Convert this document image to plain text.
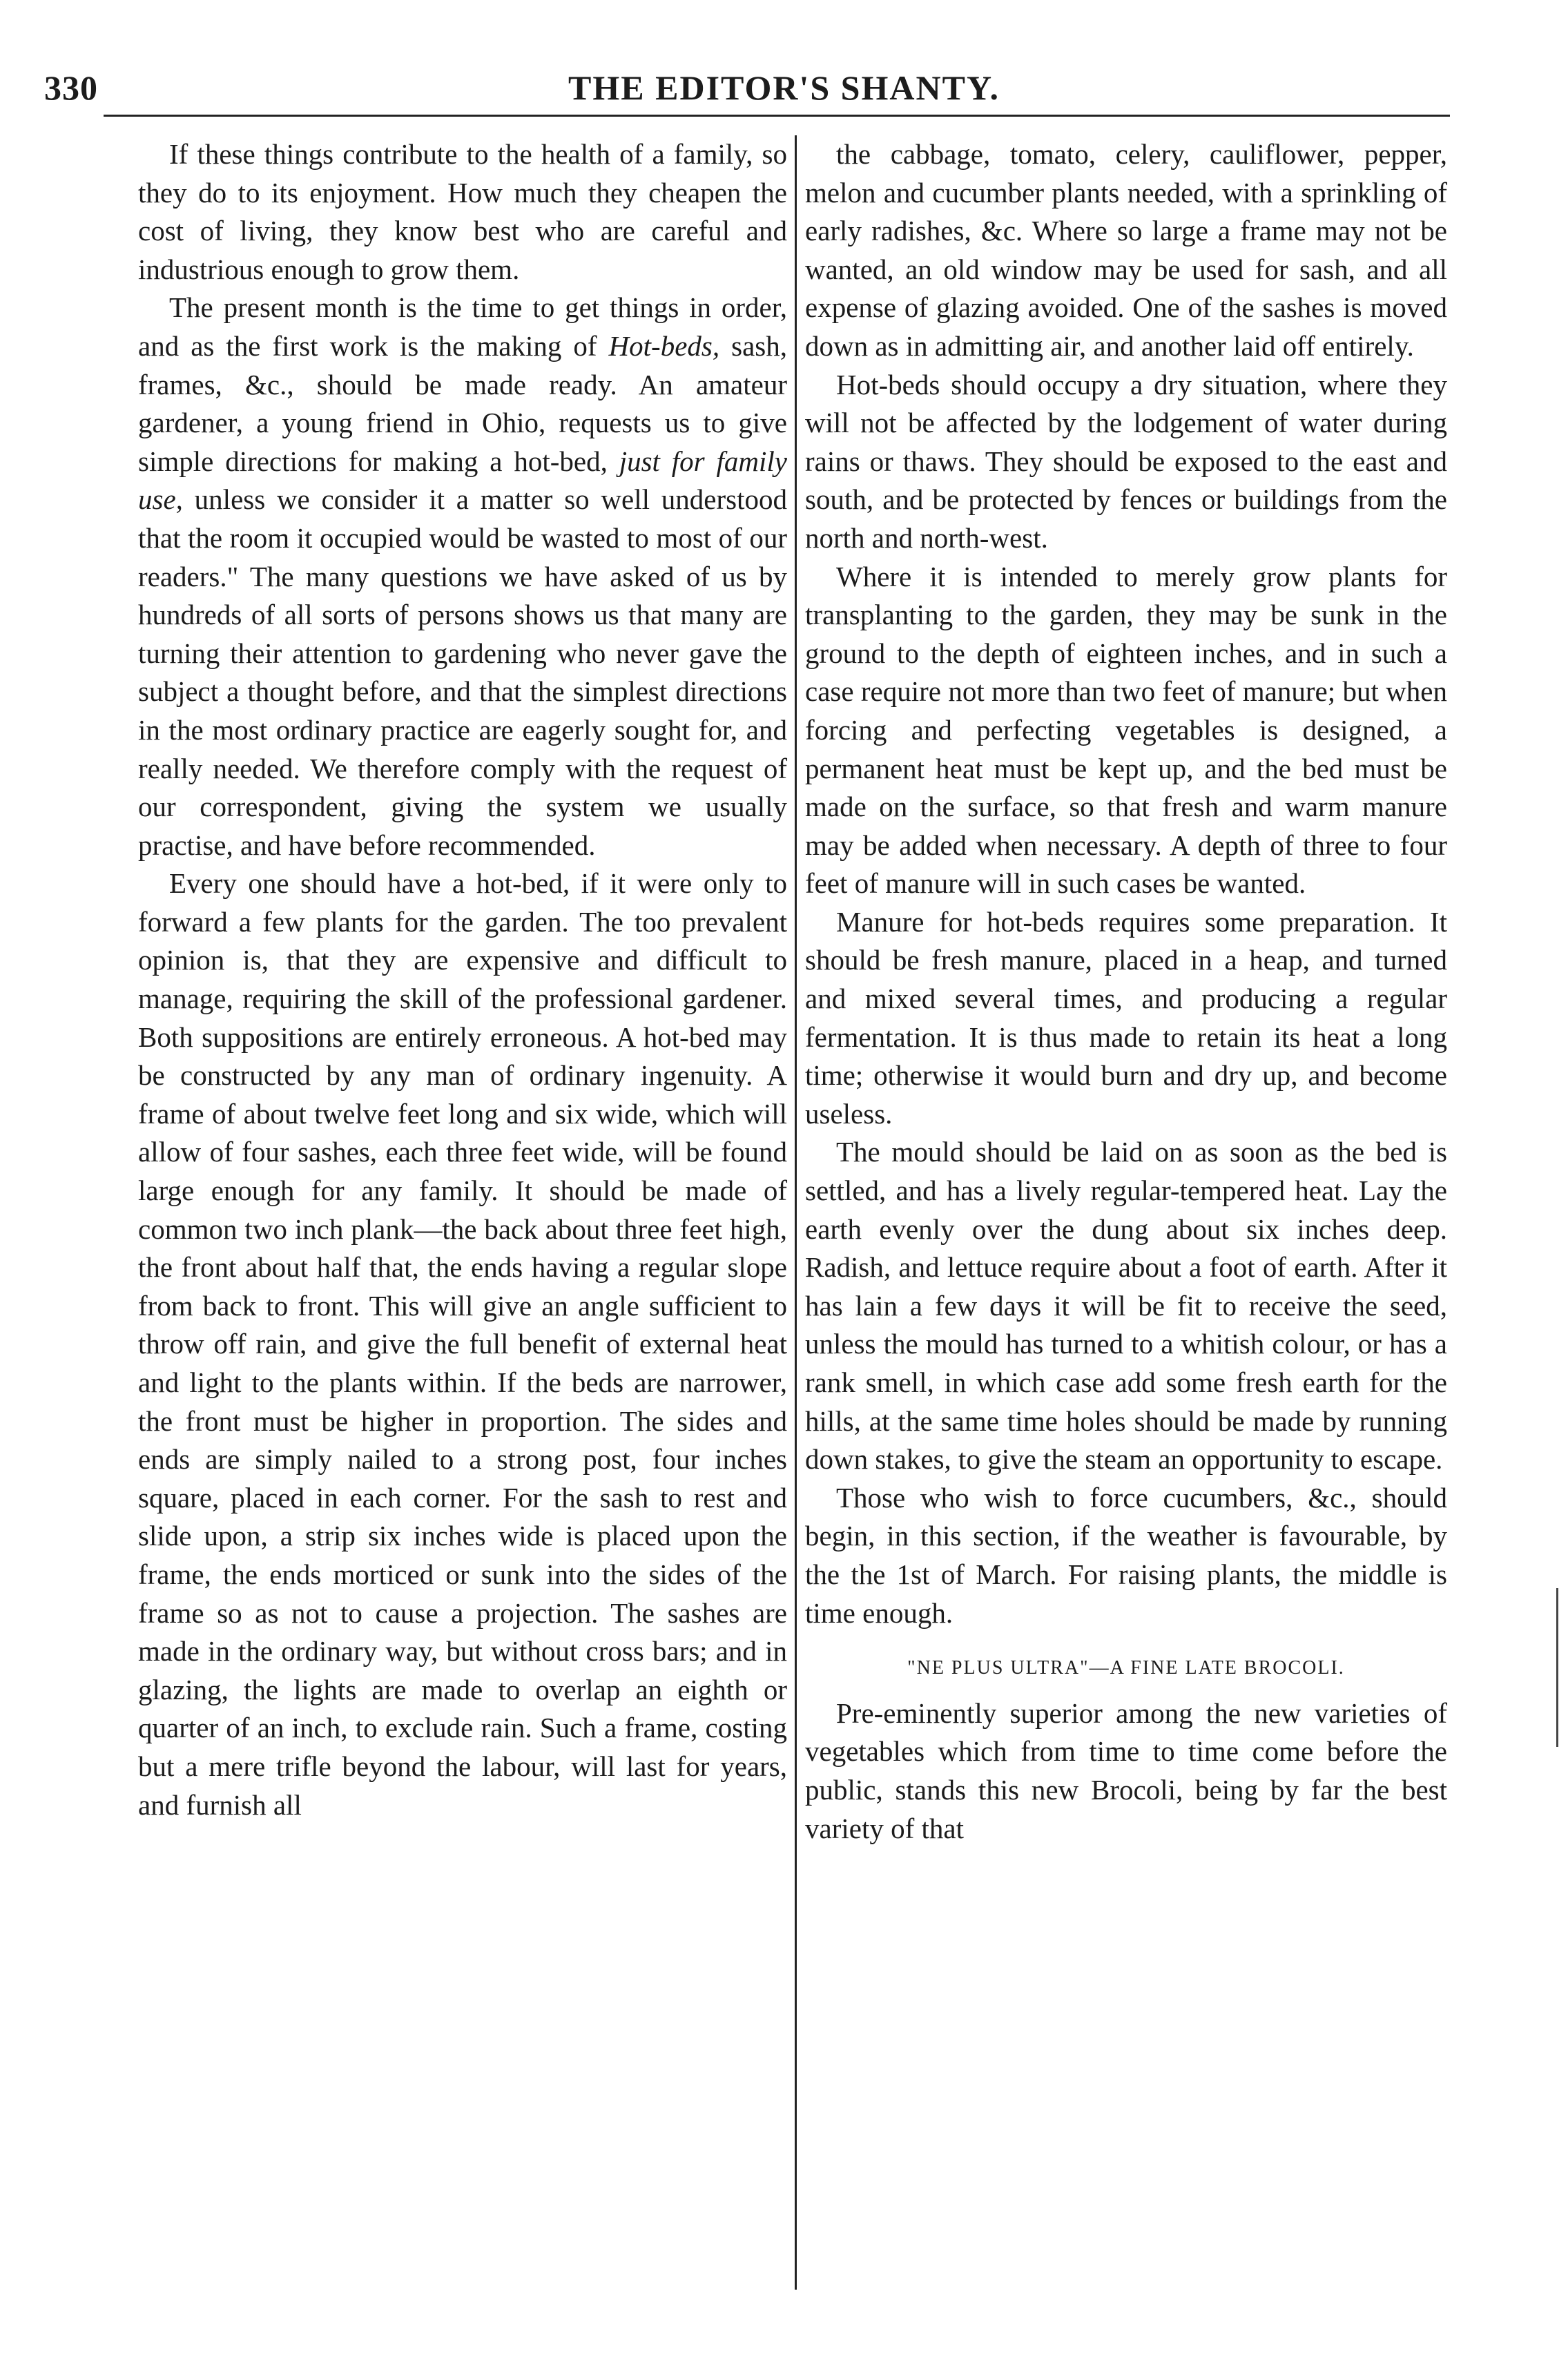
330	THE EDITOR'S SHANTY.

If these things contribute to the health of a family, so they do to its enjoyment. How much they cheapen the cost of living, they know best who are careful and industrious enough to grow them.

The present month is the time to get things in order, and as the first work is the making of Hot-beds, sash, frames, &c., should be made ready. An amateur gardener, a young friend in Ohio, requests us to give simple directions for making a hot-bed, just for family use, unless we consider it a matter so well understood that the room it occupied would be wasted to most of our readers." The many questions we have asked of us by hundreds of all sorts of persons shows us that many are turning their attention to gardening who never gave the subject a thought before, and that the simplest directions in the most ordinary practice are eagerly sought for, and really needed. We therefore comply with the request of our correspondent, giving the system we usually practise, and have before recommended.

Every one should have a hot-bed, if it were only to forward a few plants for the garden. The too prevalent opinion is, that they are expensive and difficult to manage, requiring the skill of the professional gardener. Both suppositions are entirely erroneous. A hot-bed may be constructed by any man of ordinary ingenuity. A frame of about twelve feet long and six wide, which will allow of four sashes, each three feet wide, will be found large enough for any family. It should be made of common two inch plank—the back about three feet high, the front about half that, the ends having a regular slope from back to front. This will give an angle sufficient to throw off rain, and give the full benefit of external heat and light to the plants within. If the beds are narrower, the front must be higher in proportion. The sides and ends are simply nailed to a strong post, four inches square, placed in each corner. For the sash to rest and slide upon, a strip six inches wide is placed upon the frame, the ends morticed or sunk into the sides of the frame so as not to cause a projection. The sashes are made in the ordinary way, but without cross bars; and in glazing, the lights are made to overlap an eighth or quarter of an inch, to exclude rain. Such a frame, costing but a mere trifle beyond the labour, will last for years, and furnish all

the cabbage, tomato, celery, cauliflower, pepper, melon and cucumber plants needed, with a sprinkling of early radishes, &c. Where so large a frame may not be wanted, an old window may be used for sash, and all expense of glazing avoided. One of the sashes is moved down as in admitting air, and another laid off entirely.

Hot-beds should occupy a dry situation, where they will not be affected by the lodgement of water during rains or thaws. They should be exposed to the east and south, and be protected by fences or buildings from the north and north-west.

Where it is intended to merely grow plants for transplanting to the garden, they may be sunk in the ground to the depth of eighteen inches, and in such a case require not more than two feet of manure; but when forcing and perfecting vegetables is designed, a permanent heat must be kept up, and the bed must be made on the surface, so that fresh and warm manure may be added when necessary. A depth of three to four feet of manure will in such cases be wanted.

Manure for hot-beds requires some preparation. It should be fresh manure, placed in a heap, and turned and mixed several times, and producing a regular fermentation. It is thus made to retain its heat a long time; otherwise it would burn and dry up, and become useless.

The mould should be laid on as soon as the bed is settled, and has a lively regular-tempered heat. Lay the earth evenly over the dung about six inches deep. Radish, and lettuce require about a foot of earth. After it has lain a few days it will be fit to receive the seed, unless the mould has turned to a whitish colour, or has a rank smell, in which case add some fresh earth for the hills, at the same time holes should be made by running down stakes, to give the steam an opportunity to escape.

Those who wish to force cucumbers, &c., should begin, in this section, if the weather is favourable, by the the 1st of March. For raising plants, the middle is time enough.

"NE PLUS ULTRA"—A FINE LATE BROCOLI.

Pre-eminently superior among the new varieties of vegetables which from time to time come before the public, stands this new Brocoli, being by far the best variety of that
